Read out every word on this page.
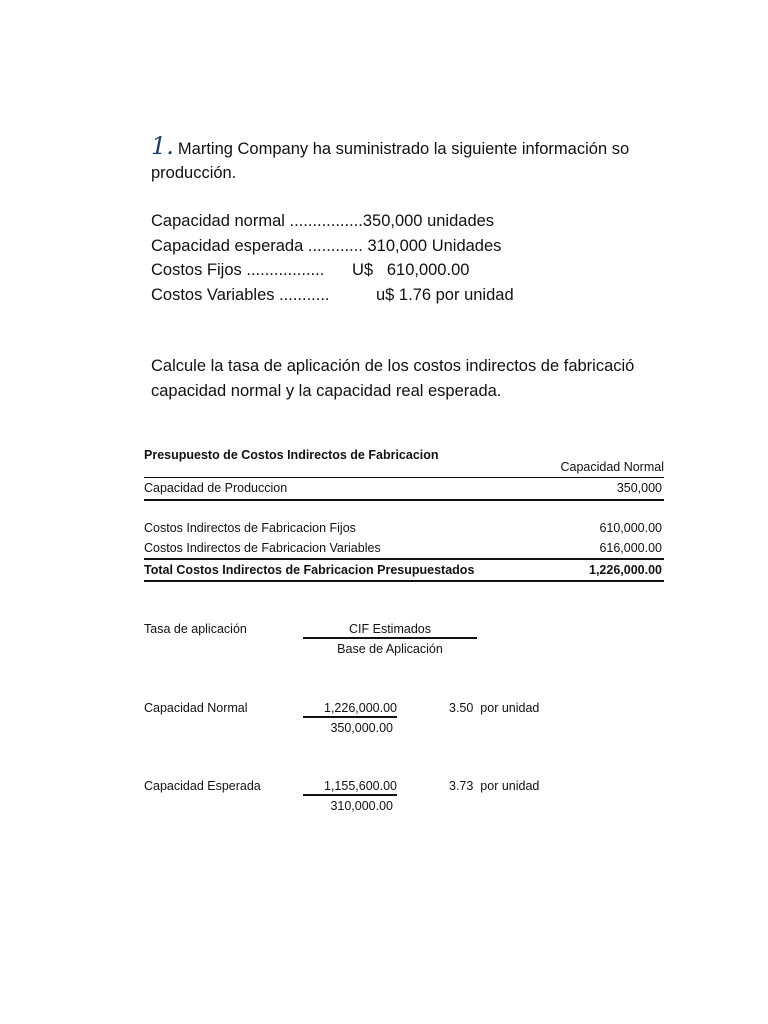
1. Marting Company ha suministrado la siguiente información so
producción.
Capacidad normal ................350,000 unidades
Capacidad esperada ............ 310,000 Unidades
Costos Fijos ................. U$   610,000.00
Costos Variables ...........	u$ 1.76 por unidad
Calcule la tasa de aplicación de los costos indirectos de fabricació
capacidad normal y la capacidad real esperada.
Presupuesto de Costos Indirectos de Fabricacion
Capacidad Normal
Capacidad de Produccion	350,000
Costos Indirectos de Fabricacion Fijos	610,000.00
Costos Indirectos de Fabricacion Variables	616,000.00
Total Costos Indirectos de Fabricacion Presupuestados	1,226,000.00
Tasa de aplicación	CIF Estimados
Base de Aplicación
Capacidad Normal	1,226,000.00
350,000.00
3.50 por unidad
Capacidad Esperada	1,155,600.00
310,000.00
3.73 por unidad
